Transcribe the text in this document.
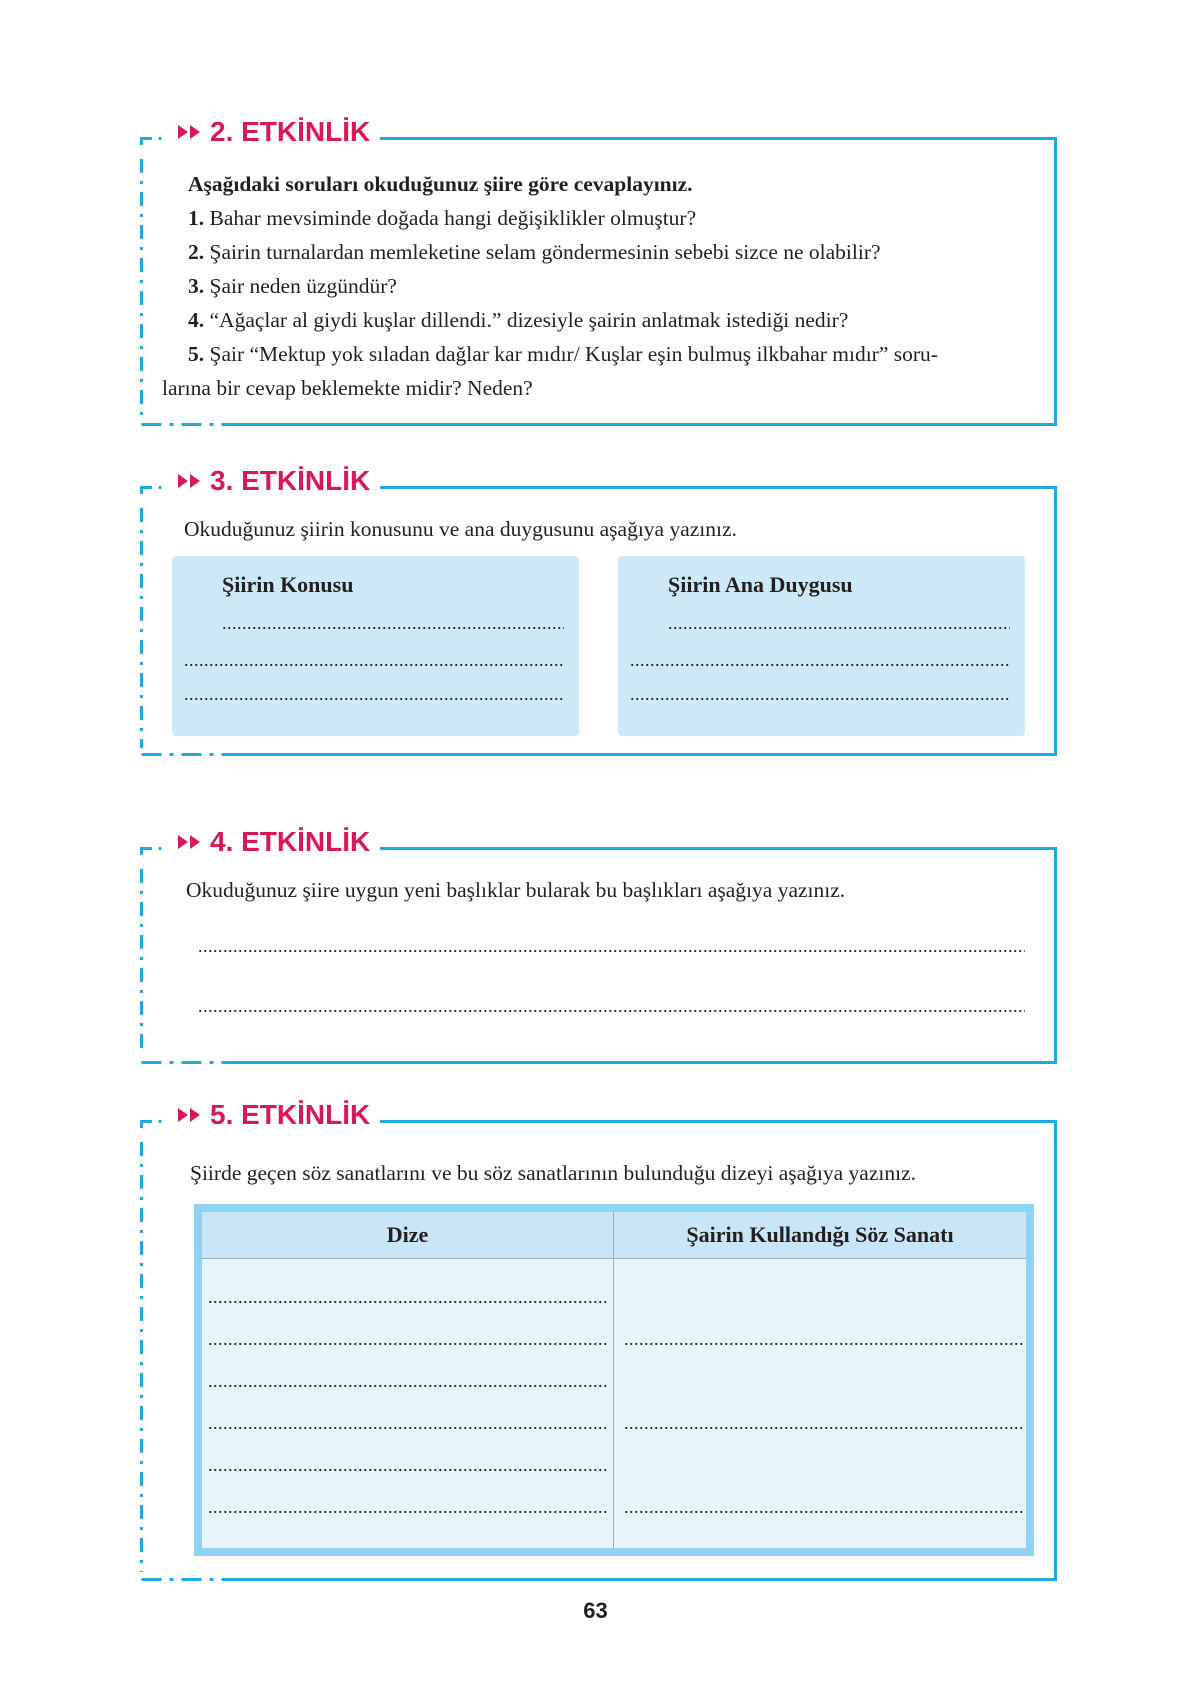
2. ETKİNLİK

Aşağıdaki soruları okuduğunuz şiire göre cevaplayınız.

1. Bahar mevsiminde doğada hangi değişiklikler olmuştur?

2. Şairin turnalardan memleketine selam göndermesinin sebebi sizce ne olabilir?

3. Şair neden üzgündür?

4. “Ağaçlar al giydi kuşlar dillendi.” dizesiyle şairin anlatmak istediği nedir?

5. Şair “Mektup yok sıladan dağlar kar mıdır/ Kuşlar eşin bulmuş ilkbahar mıdır” soru-

larına bir cevap beklemekte midir? Neden?

3. ETKİNLİK
Okuduğunuz şiirin konusunu ve ana duygusunu aşağıya yazınız.
Şiirin Konusu
.....
.....
.....	Şiirin Ana Duygusu
.....
.....
.....
4. ETKİNLİK
Okuduğunuz şiire uygun yeni başlıklar bularak bu başlıkları aşağıya yazınız.
.....
.....
5. ETKİNLİK
Şiirde geçen söz sanatlarını ve bu söz sanatlarının bulunduğu dizeyi aşağıya yazınız.
Dize	Şairin Kullandığı Söz Sanatı
.....
.....
.....
.....
.....
.....
.....
.....
.....
63
